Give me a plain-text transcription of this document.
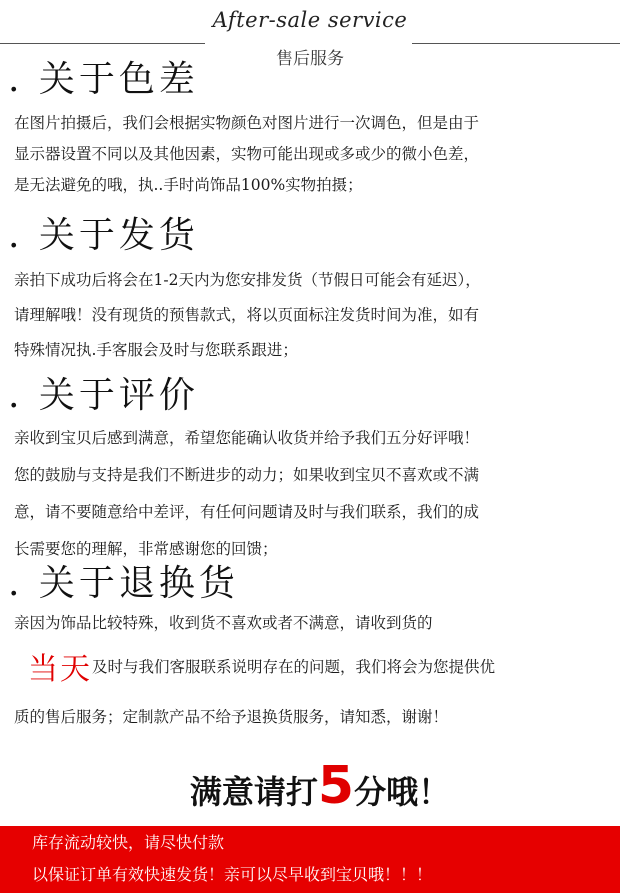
After-sale service
售后服务
. 关于色差
在图片拍摄后，我们会根据实物颜色对图片进行一次调色，但是由于
显示器设置不同以及其他因素，实物可能出现或多或少的微小色差，
是无法避免的哦，执..手时尚饰品100%实物拍摄；
. 关于发货
亲拍下成功后将会在1-2天内为您安排发货（节假日可能会有延迟），
请理解哦！没有现货的预售款式，将以页面标注发货时间为准，如有
特殊情况执.手客服会及时与您联系跟进；
. 关于评价
亲收到宝贝后感到满意，希望您能确认收货并给予我们五分好评哦！
您的鼓励与支持是我们不断进步的动力；如果收到宝贝不喜欢或不满
意，请不要随意给中差评，有任何问题请及时与我们联系，我们的成
长需要您的理解，非常感谢您的回馈；
. 关于退换货
亲因为饰品比较特殊，收到货不喜欢或者不满意，请收到货的
当天及时与我们客服联系说明存在的问题，我们将会为您提供优
质的售后服务；定制款产品不给予退换货服务，请知悉，谢谢！
满意请打5分哦！
库存流动较快，请尽快付款
以保证订单有效快速发货！亲可以尽早收到宝贝哦！！！
